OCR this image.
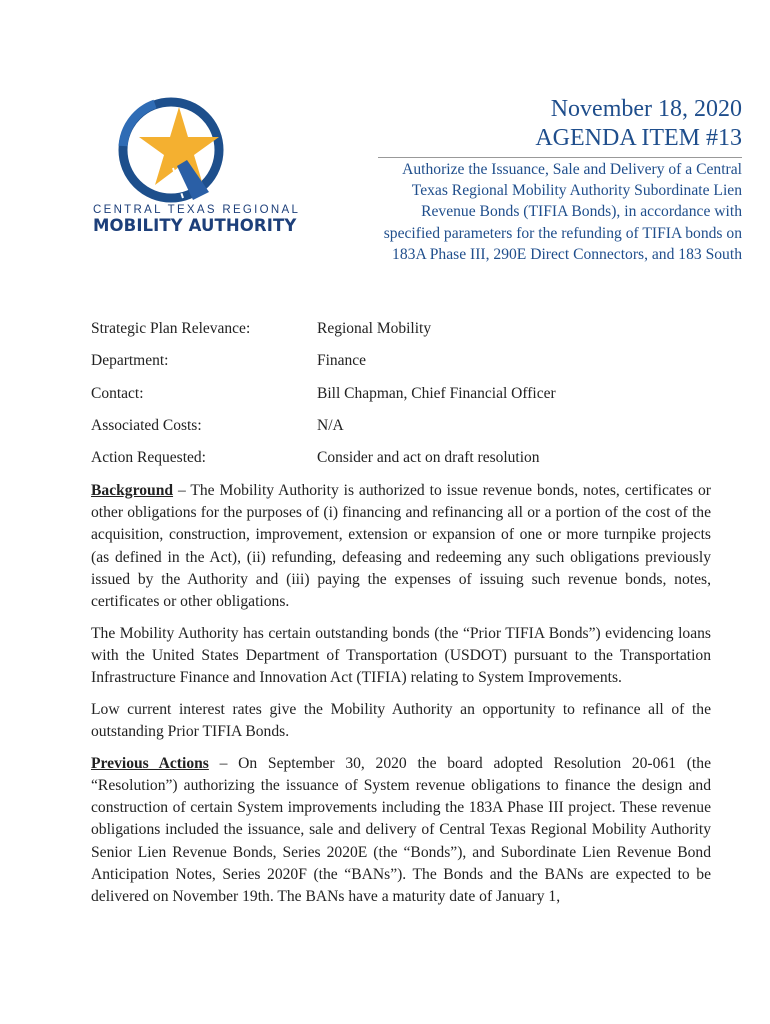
CENTRAL TEXAS REGIONAL
MOBILITY AUTHORITY
November 18, 2020
AGENDA ITEM #13
Authorize the Issuance, Sale and Delivery of a Central Texas Regional Mobility Authority Subordinate Lien Revenue Bonds (TIFIA Bonds), in accordance with specified parameters for the refunding of TIFIA bonds on 183A Phase III, 290E Direct Connectors, and 183 South
Strategic Plan Relevance:	Regional Mobility
Department:	Finance
Contact:	Bill Chapman, Chief Financial Officer
Associated Costs:	N/A
Action Requested:	Consider and act on draft resolution

Background – The Mobility Authority is authorized to issue revenue bonds, notes, certificates or other obligations for the purposes of (i) financing and refinancing all or a portion of the cost of the acquisition, construction, improvement, extension or expansion of one or more turnpike projects (as defined in the Act), (ii) refunding, defeasing and redeeming any such obligations previously issued by the Authority and (iii) paying the expenses of issuing such revenue bonds, notes, certificates or other obligations.

The Mobility Authority has certain outstanding bonds (the “Prior TIFIA Bonds”) evidencing loans with the United States Department of Transportation (USDOT) pursuant to the Transportation Infrastructure Finance and Innovation Act (TIFIA) relating to System Improvements.

Low current interest rates give the Mobility Authority an opportunity to refinance all of the outstanding Prior TIFIA Bonds.

Previous Actions – On September 30, 2020 the board adopted Resolution 20-061 (the “Resolution”) authorizing the issuance of System revenue obligations to finance the design and construction of certain System improvements including the 183A Phase III project. These revenue obligations included the issuance, sale and delivery of Central Texas Regional Mobility Authority Senior Lien Revenue Bonds, Series 2020E (the “Bonds”), and Subordinate Lien Revenue Bond Anticipation Notes, Series 2020F (the “BANs”). The Bonds and the BANs are expected to be delivered on November 19th. The BANs have a maturity date of January 1,
